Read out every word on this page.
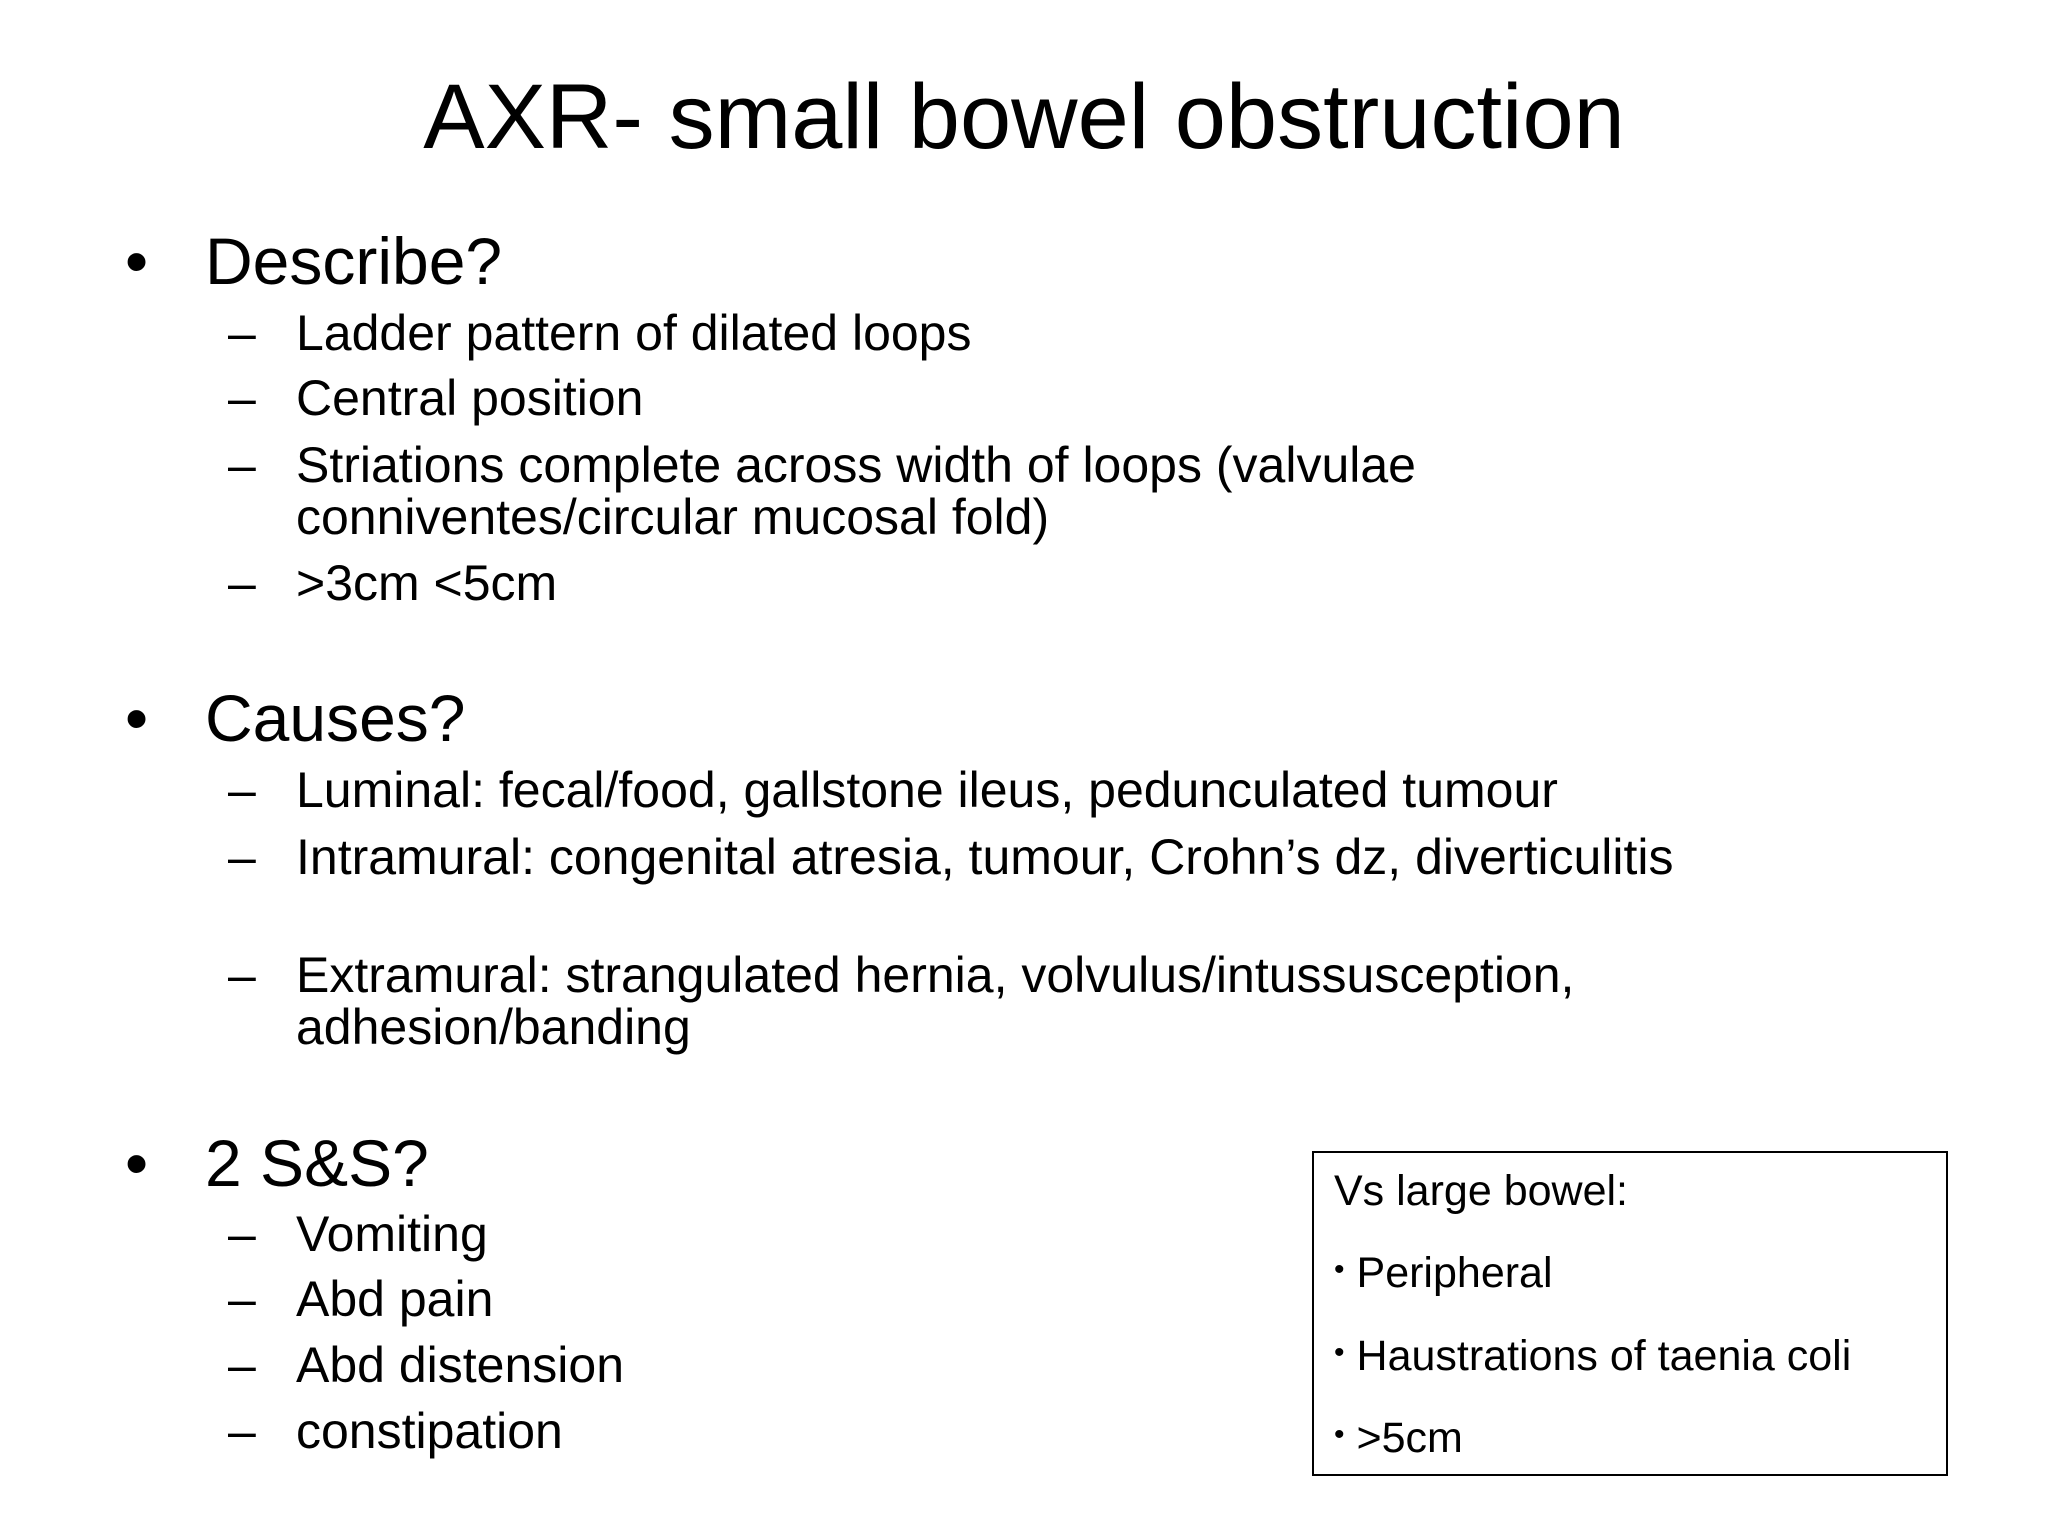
AXR- small bowel obstruction
• Describe?
– Ladder pattern of dilated loops
– Central position
– Striations complete across width of loops (valvulae conniventes/circular mucosal fold)
– >3cm <5cm
• Causes?
– Luminal: fecal/food, gallstone ileus, pedunculated tumour
– Intramural: congenital atresia, tumour, Crohn’s dz, diverticulitis
– Extramural: strangulated hernia, volvulus/intussusception, adhesion/banding
• 2 S&S?
– Vomiting
– Abd pain
– Abd distension
– constipation
Vs large bowel:
• Peripheral
• Haustrations of taenia coli
• >5cm
